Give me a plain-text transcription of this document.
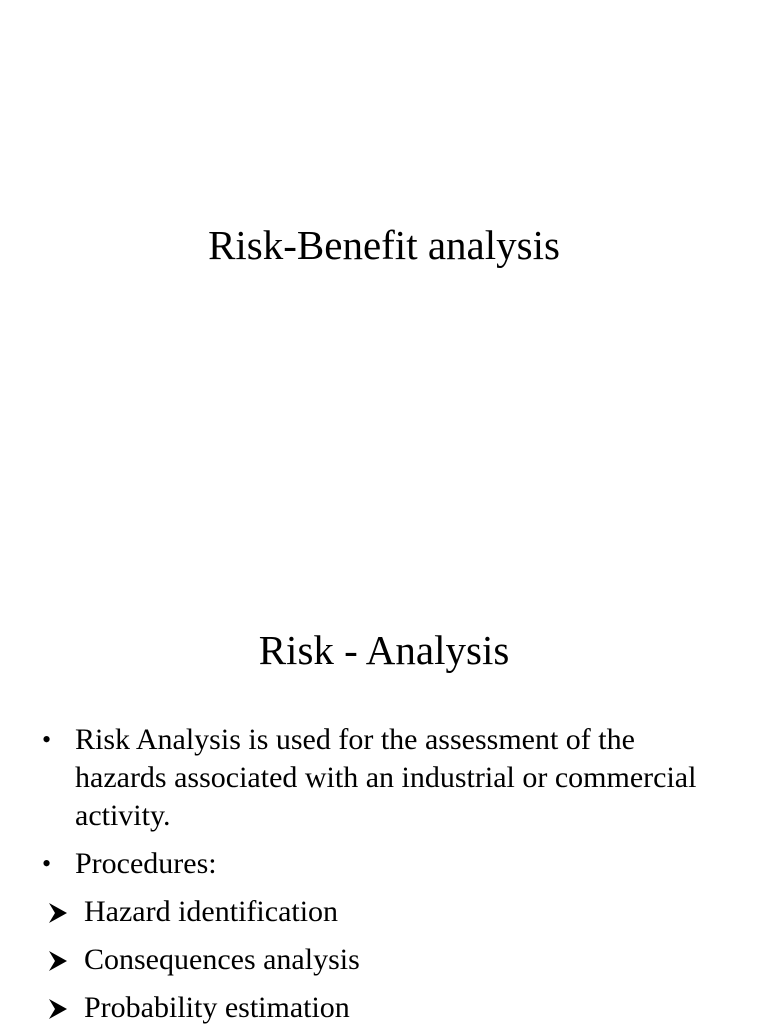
Risk-Benefit analysis
Risk - Analysis
• Risk Analysis is used for the assessment of the hazards associated with an industrial or commercial activity.
• Procedures:
Hazard identification
Consequences analysis
Probability estimation
